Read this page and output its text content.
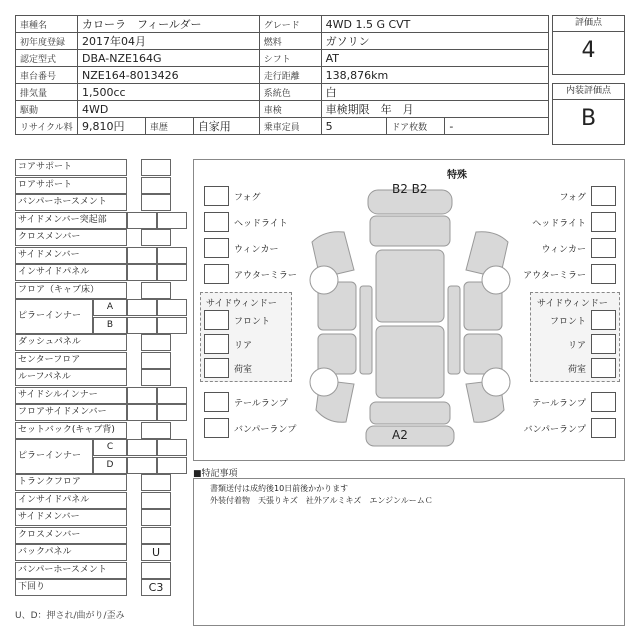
車種名	カローラ　フィールダー			グレード	4WD 1.5 G CVT		
初年度登録	2017年04月			燃料	ガソリン		
認定型式	DBA-NZE164G			シフト	AT		
車台番号	NZE164-8013426			走行距離	138,876km		
排気量	1,500cc			系統色	白		
駆動	4WD			車検	車検期限　年　月		
リサイクル料	9,810円	車歴	自家用	乗車定員	5	ドア枚数	-
評価点
4
内装評価点
B
コアサポート
ロアサポート
バンパーホースメント
サイドメンバー突起部
クロスメンバー
サイドメンバー
インサイドパネル
フロア（キャブ床）
ピラーインナー
A
B
ダッシュパネル
センターフロア
ルーフパネル
サイドシルインナー
フロアサイドメンバー
セットバック(キャブ背)
ピラーインナー
C
D
トランクフロア
インサイドパネル
サイドメンバー
クロスメンバー
バックパネル	U
バンパーホースメント
下回り	C3
特殊
B2 B2
A2
フォグ
ヘッドライト
ウィンカー
アウターミラー
フォグ
ヘッドライト
ウィンカー
アウターミラー
サイドウィンドー
フロント
リア
荷室
サイドウィンドー
フロント
リア
荷室
テールランプ
バンパーランプ
テールランプ
バンパーランプ
■特記事項
書類送付は成約後10日前後かかります
外装付着物　天張りキズ　社外アルミキズ　エンジンルームＣ
U、D：押され/曲がり/歪み
